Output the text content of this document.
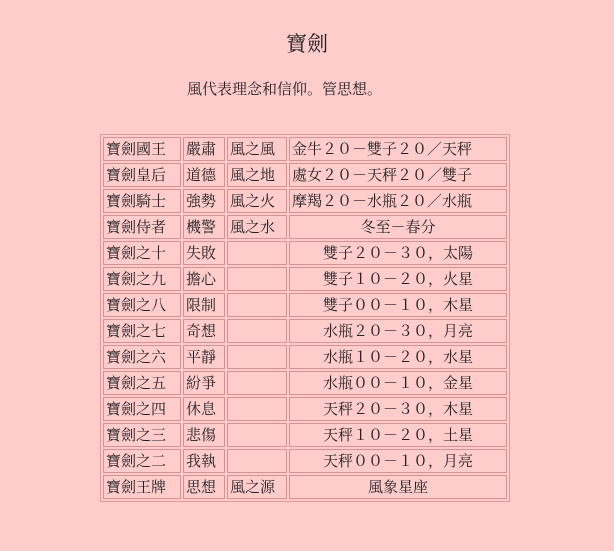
寶劍
風代表理念和信仰。管思想。
寶劍國王	嚴肅	風之風	金牛２０－雙子２０／天秤
寶劍皇后	道德	風之地	處女２０－天秤２０／雙子
寶劍騎士	強勢	風之火	摩羯２０－水瓶２０／水瓶
寶劍侍者	機警	風之水	冬至－春分
寶劍之十	失敗		雙子２０－３０，太陽
寶劍之九	擔心		雙子１０－２０，火星
寶劍之八	限制		雙子００－１０，木星
寶劍之七	奇想		水瓶２０－３０，月亮
寶劍之六	平靜		水瓶１０－２０，水星
寶劍之五	紛爭		水瓶００－１０，金星
寶劍之四	休息		天秤２０－３０，木星
寶劍之三	悲傷		天秤１０－２０，土星
寶劍之二	我執		天秤００－１０，月亮
寶劍王牌	思想	風之源	風象星座
